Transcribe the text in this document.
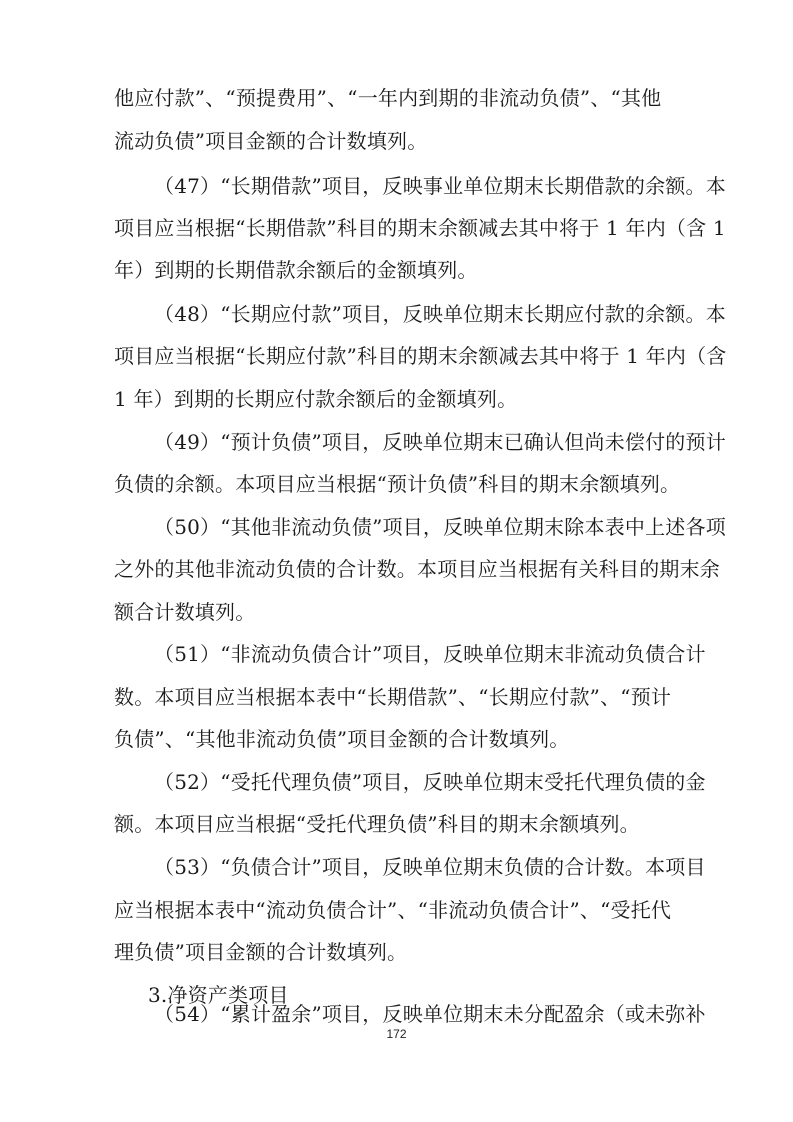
他应付款”、“预提费用”、“一年内到期的非流动负债”、“其他
流动负债”项目金额的合计数填列。
（47）“长期借款”项目，反映事业单位期末长期借款的余额。本
项目应当根据“长期借款”科目的期末余额减去其中将于 1 年内（含 1
年）到期的长期借款余额后的金额填列。
（48）“长期应付款”项目，反映单位期末长期应付款的余额。本
项目应当根据“长期应付款”科目的期末余额减去其中将于 1 年内（含
1 年）到期的长期应付款余额后的金额填列。
（49）“预计负债”项目，反映单位期末已确认但尚未偿付的预计
负债的余额。本项目应当根据“预计负债”科目的期末余额填列。
（50）“其他非流动负债”项目，反映单位期末除本表中上述各项
之外的其他非流动负债的合计数。本项目应当根据有关科目的期末余
额合计数填列。
（51）“非流动负债合计”项目，反映单位期末非流动负债合计
数。本项目应当根据本表中“长期借款”、“长期应付款”、“预计
负债”、“其他非流动负债”项目金额的合计数填列。
（52）“受托代理负债”项目，反映单位期末受托代理负债的金
额。本项目应当根据“受托代理负债”科目的期末余额填列。
（53）“负债合计”项目，反映单位期末负债的合计数。本项目
应当根据本表中“流动负债合计”、“非流动负债合计”、“受托代
理负债”项目金额的合计数填列。
3.净资产类项目
（54）“累计盈余”项目，反映单位期末未分配盈余（或未弥补
172
